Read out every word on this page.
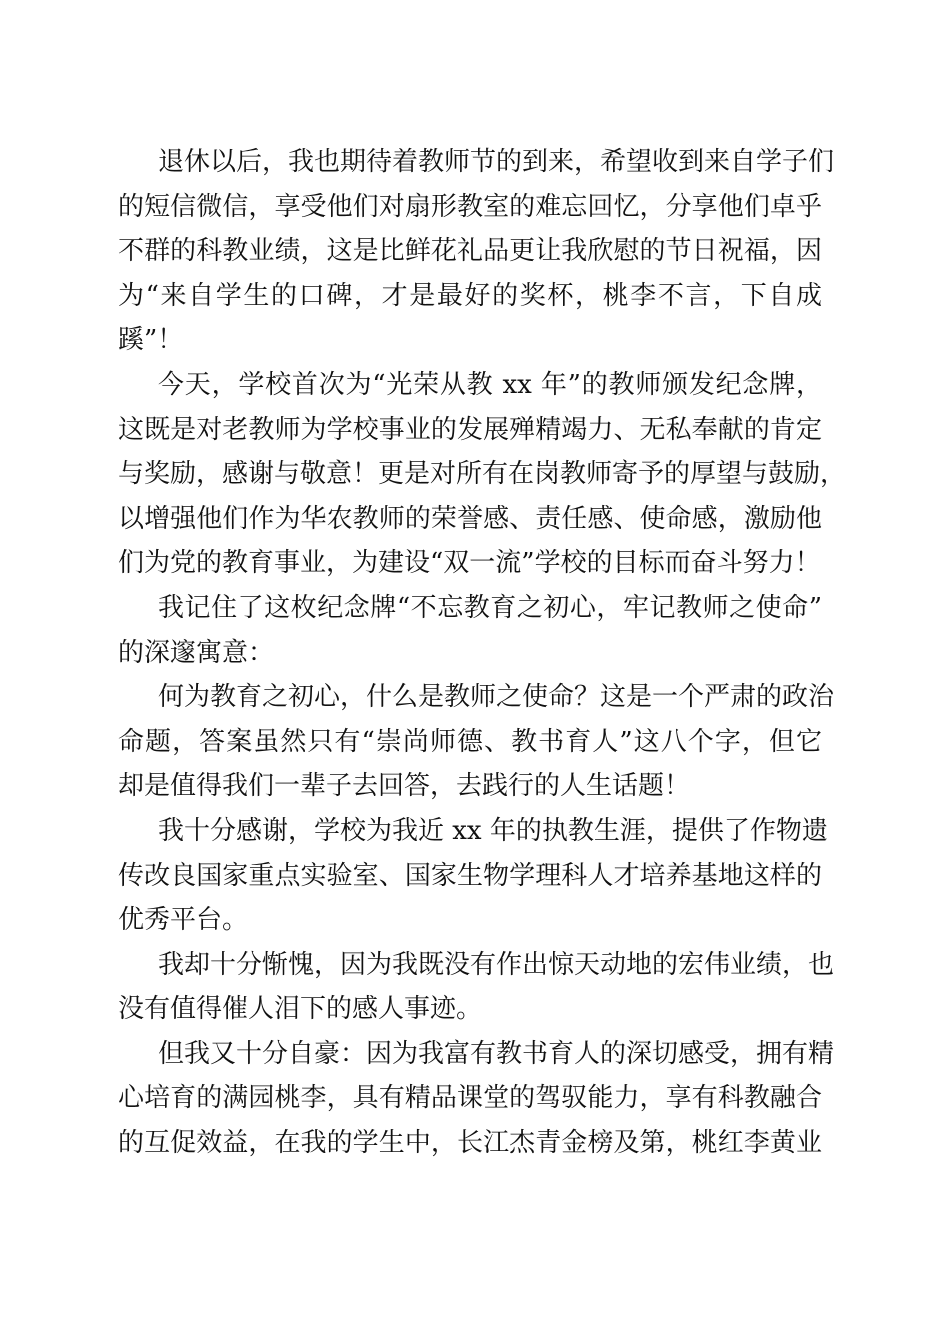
退休以后，我也期待着教师节的到来，希望收到来自学子们
的短信微信，享受他们对扇形教室的难忘回忆，分享他们卓乎
不群的科教业绩，这是比鲜花礼品更让我欣慰的节日祝福，因
为“来自学生的口碑，才是最好的奖杯，桃李不言，下自成
蹊”！
今天，学校首次为“光荣从教 xx 年”的教师颁发纪念牌，
这既是对老教师为学校事业的发展殚精竭力、无私奉献的肯定
与奖励，感谢与敬意！更是对所有在岗教师寄予的厚望与鼓励，
以增强他们作为华农教师的荣誉感、责任感、使命感，激励他
们为党的教育事业，为建设“双一流”学校的目标而奋斗努力！
我记住了这枚纪念牌“不忘教育之初心，牢记教师之使命”
的深邃寓意：
何为教育之初心，什么是教师之使命？这是一个严肃的政治
命题，答案虽然只有“崇尚师德、教书育人”这八个字，但它
却是值得我们一辈子去回答，去践行的人生话题！
我十分感谢，学校为我近 xx 年的执教生涯，提供了作物遗
传改良国家重点实验室、国家生物学理科人才培养基地这样的
优秀平台。
我却十分惭愧，因为我既没有作出惊天动地的宏伟业绩，也
没有值得催人泪下的感人事迹。
但我又十分自豪：因为我富有教书育人的深切感受，拥有精
心培育的满园桃李，具有精品课堂的驾驭能力，享有科教融合
的互促效益，在我的学生中，长江杰青金榜及第，桃红李黄业
